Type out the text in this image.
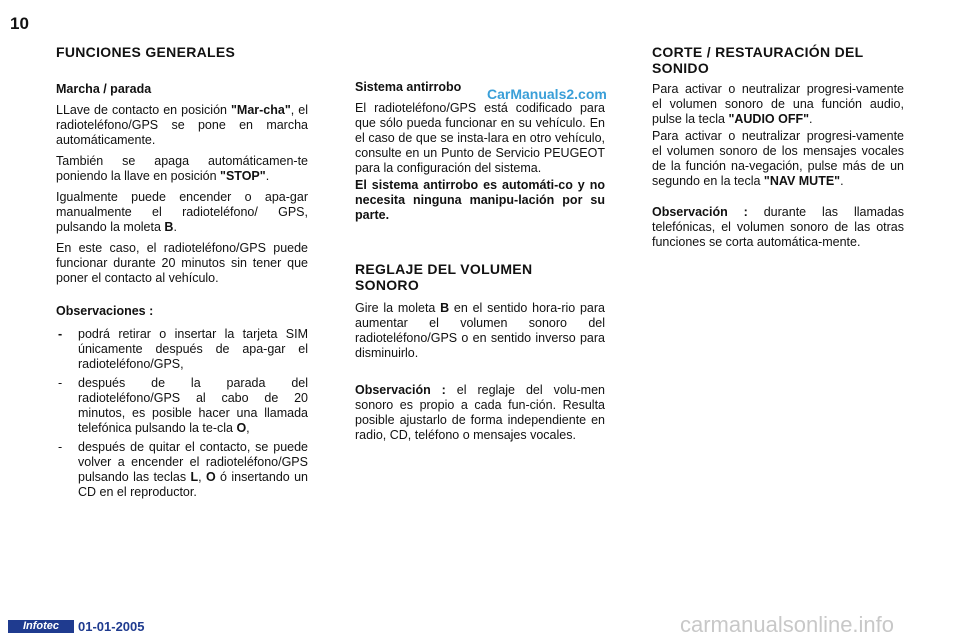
10
FUNCIONES GENERALES

Marcha / parada

LLave de contacto en posición "Mar-cha", el radioteléfono/GPS se pone en marcha automáticamente.

También se apaga automáticamen-te poniendo la llave en posición "STOP".

Igualmente puede encender o apa-gar manualmente el radioteléfono/ GPS, pulsando la moleta B.

En este caso, el radioteléfono/GPS puede funcionar durante 20 minutos sin tener que poner el contacto al vehículo.

Observaciones :

- podrá retirar o insertar la tarjeta SIM únicamente después de apa-gar el radioteléfono/GPS,
- después de la parada del radioteléfono/GPS al cabo de 20 minutos, es posible hacer una llamada telefónica pulsando la te-cla O,
- después de quitar el contacto, se puede volver a encender el radioteléfono/GPS pulsando las teclas L, O ó insertando un CD en el reproductor.

Sistema antirrobo

El radioteléfono/GPS está codificado para que sólo pueda funcionar en su vehículo. En el caso de que se insta-lara en otro vehículo, consulte en un Punto de Servicio PEUGEOT para la configuración del sistema.

El sistema antirrobo es automáti-co y no necesita ninguna manipu-lación por su parte.

REGLAJE DEL VOLUMEN SONORO

Gire la moleta B en el sentido hora-rio para aumentar el volumen sonoro del radioteléfono/GPS o en sentido inverso para disminuirlo.

Observación : el reglaje del volu-men sonoro es propio a cada fun-ción. Resulta posible ajustarlo de forma independiente en radio, CD, teléfono o mensajes vocales.

CORTE / RESTAURACIÓN DEL SONIDO

Para activar o neutralizar progresi-vamente el volumen sonoro de una función audio, pulse la tecla "AUDIO OFF".

Para activar o neutralizar progresi-vamente el volumen sonoro de los mensajes vocales de la función na-vegación, pulse más de un segundo en la tecla "NAV MUTE".

Observación : durante las llamadas telefónicas, el volumen sonoro de las otras funciones se corta automática-mente.

CarManuals2.com
Infotec	01-01-2005	carmanualsonline.info
